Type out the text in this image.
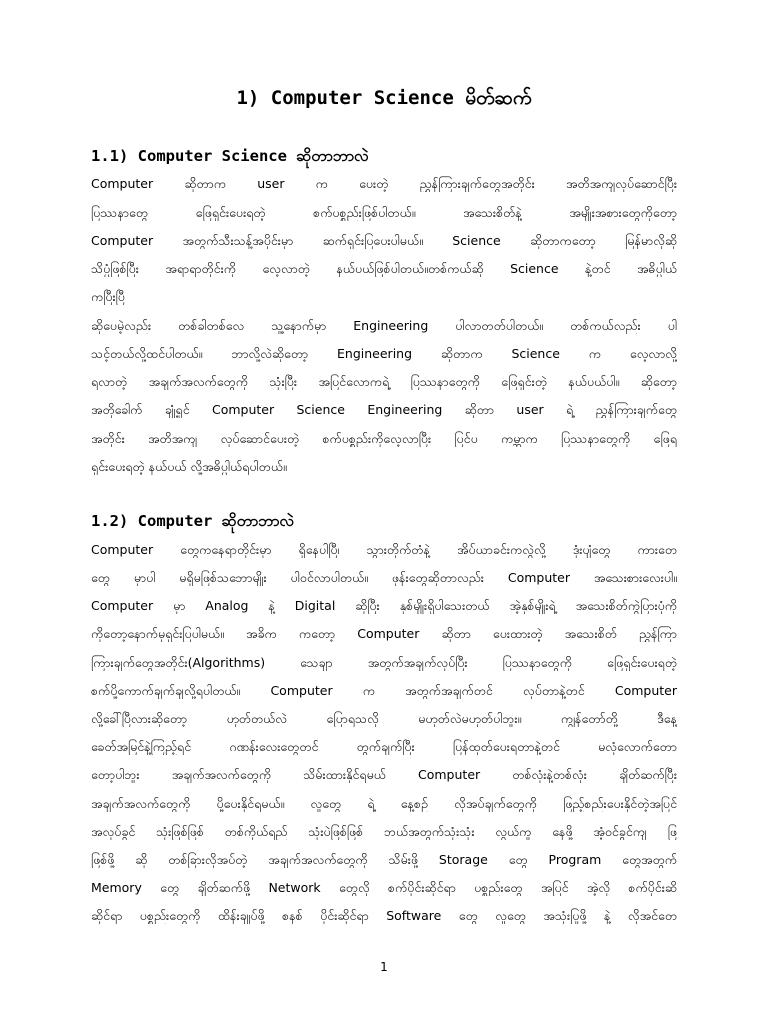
1) Computer Science မိတ်ဆက်
1.1) Computer Science ဆိုတာဘာလဲ
Computer ဆိုတာက user က ပေးတဲ့ ညွှန်ကြားချက်တွေအတိုင်း အတိအကျလုပ်ဆောင်ပြီး
ပြဿနာတွေ ဖြေရှင်းပေးရတဲ့ စက်ပစ္စည်းဖြစ်ပါတယ်။ အသေးစိတ်နဲ့ အမျိုးအစားတွေကိုတော့
Computer အတွက်သီးသန့်အပိုင်းမှာ ဆက်ရှင်းပြပေးပါမယ်။ Science ဆိုတာကတော့ မြန်မာလိုဆို
သိပ္ပံဖြစ်ပြီး အရာရာတိုင်းကို လေ့လာတဲ့ နယ်ပယ်ဖြစ်ပါတယ်။တစ်ကယ်ဆို Science နဲ့တင် အဓိပ္ပါယ်
ကပြီးပြီ
ဆိုပေမဲ့လည်း တစ်ခါတစ်လေ သူ့နောက်မှာ Engineering ပါလာတတ်ပါတယ်။ တစ်ကယ်လည်း ပါ
သင့်တယ်လို့ထင်ပါတယ်။ ဘာလို့လဲဆိုတော့ Engineering ဆိုတာက Science က လေ့လာလို့
ရလာတဲ့ အချက်အလက်တွေကို သုံးပြီး အပြင်လောကရဲ့ ပြဿနာတွေကို ဖြေရှင်းတဲ့ နယ်ပယ်ပါ။ ဆိုတော့
အတိုခေါက် ချုံ့ရှင် Computer Science Engineering ဆိုတာ user ရဲ့ ညွှန်ကြားချက်တွေ
အတိုင်း အတိအကျ လုပ်ဆောင်ပေးတဲ့ စက်ပစ္စည်းကိုလေ့လာပြီး ပြင်ပ ကမ္ဘာက ပြဿနာတွေကို ဖြေရ
ရှင်းပေးရတဲ့ နယ်ပယ် လို့အဓိပ္ပါယ်ရပါတယ်။
1.2) Computer ဆိုတာဘာလဲ
Computer တွေကနေရာတိုင်းမှာ ရှိနေပါပြီ၊ သွားတိုက်တံနဲ့ အိပ်ယာခင်းကလွဲလို့ ဒုံးပျံတွေ ကားတေ
တွေ မှာပါ မရှိမဖြစ်သဘောမျိုး ပါဝင်လာပါတယ်။ ဖုန်းတွေဆိုတာလည်း Computer အသေးစားလေးပါ။
Computer မှာ Analog နဲ့ Digital ဆိုပြီး နှစ်မျိုးရှိပါသေးတယ် အဲ့နှစ်မျိုးရဲ့ အသေးစိတ်ကွဲပြားပုံကို
ကိုတော့နောက်မှရှင်းပြပါမယ်။ အခိက ကတော့ Computer ဆိုတာ ပေးထားတဲ့ အသေးစိတ် ညွှန်ကြာ
ကြားချက်တွေအတိုင်း(Algorithms) သေချာ အတွက်အချက်လုပ်ပြီး ပြဿနာတွေကို ဖြေရှင်းပေးရတဲ့
စက်ပို့ကောက်ချက်ချလို့ရပါတယ်။ Computer က အတွက်အချက်တင် လုပ်တာနဲ့တင် Computer
လို့ခေါ်ပြီလားဆိုတော့ ဟုတ်တယ်လဲ ပြောရသလို မဟုတ်လဲမဟုတ်ပါဘူး။ ကျွန်တော်တို့ ဒီနေ့
ခေတ်အမြင်နဲ့ကြည့်ရင် ဂဏန်းလေးတွေတင် တွက်ချက်ပြီး ပြန်ထုတ်ပေးရတာနဲ့တင် မလုံလောက်တော
တော့ပါဘူး အချက်အလက်တွေကို သိမ်းထားနိုင်ရမယ် Computer တစ်လုံးနဲ့တစ်လုံး ချိတ်ဆက်ပြီး
အချက်အလက်တွေကို ပို့ပေးနိုင်ရမယ်။ လူတွေ ရဲ့ နေ့စဉ် လိုအပ်ချက်တွေကို ဖြည့်စည်းပေးနိုင်တဲ့အပြင်
အလုပ်ခွင် သုံးဖြစ်ဖြစ် တစ်ကိုယ်ရည် သုံးပဲဖြစ်ဖြစ် ဘယ်အတွက်သုံးသုံး လွယ်ကူ နေဖို့ အံ့ဝင်ခွင်ကျ ဖြ
ဖြစ်ဖို့ ဆို တစ်ခြားလိုအပ်တဲ့ အချက်အလက်တွေကို သိမ်းဖို့ Storage တွေ Program တွေအတွက်
Memory တွေ ချိတ်ဆက်ဖို့ Network တွေလို စက်ပိုင်းဆိုင်ရာ ပစ္စည်းတွေ အပြင် အဲ့လို စက်ပိုင်းဆိ
ဆိုင်ရာ ပစ္စည်းတွေကို ထိန်းချုပ်ဖို့ စနစ် ပိုင်းဆိုင်ရာ Software တွေ လူတွေ အသုံးပြုဖို့ နဲ့ လိုအင်တေ
1
